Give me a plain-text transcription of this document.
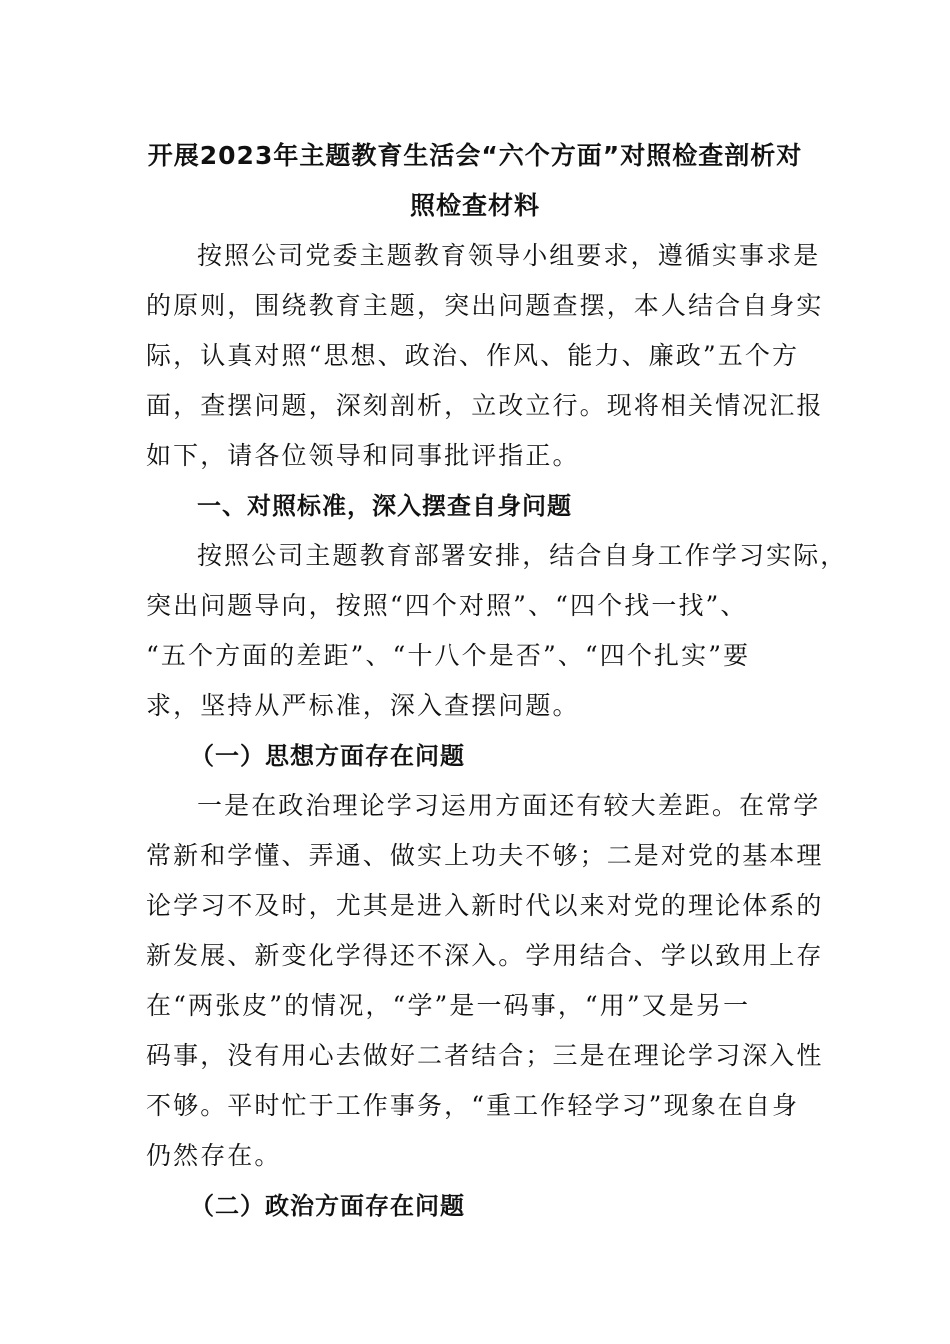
开展2023年主题教育生活会“六个方面”对照检查剖析对
照检查材料
按照公司党委主题教育领导小组要求，遵循实事求是
的原则，围绕教育主题，突出问题查摆，本人结合自身实
际，认真对照“思想、政治、作风、能力、廉政”五个方
面，查摆问题，深刻剖析，立改立行。现将相关情况汇报
如下，请各位领导和同事批评指正。
一、对照标准，深入摆查自身问题
按照公司主题教育部署安排，结合自身工作学习实际，
突出问题导向，按照“四个对照”、“四个找一找”、
“五个方面的差距”、“十八个是否”、“四个扎实”要
求，坚持从严标准，深入查摆问题。
（一）思想方面存在问题
一是在政治理论学习运用方面还有较大差距。在常学
常新和学懂、弄通、做实上功夫不够；二是对党的基本理
论学习不及时，尤其是进入新时代以来对党的理论体系的
新发展、新变化学得还不深入。学用结合、学以致用上存
在“两张皮”的情况，“学”是一码事，“用”又是另一
码事，没有用心去做好二者结合；三是在理论学习深入性
不够。平时忙于工作事务，“重工作轻学习”现象在自身
仍然存在。
（二）政治方面存在问题
